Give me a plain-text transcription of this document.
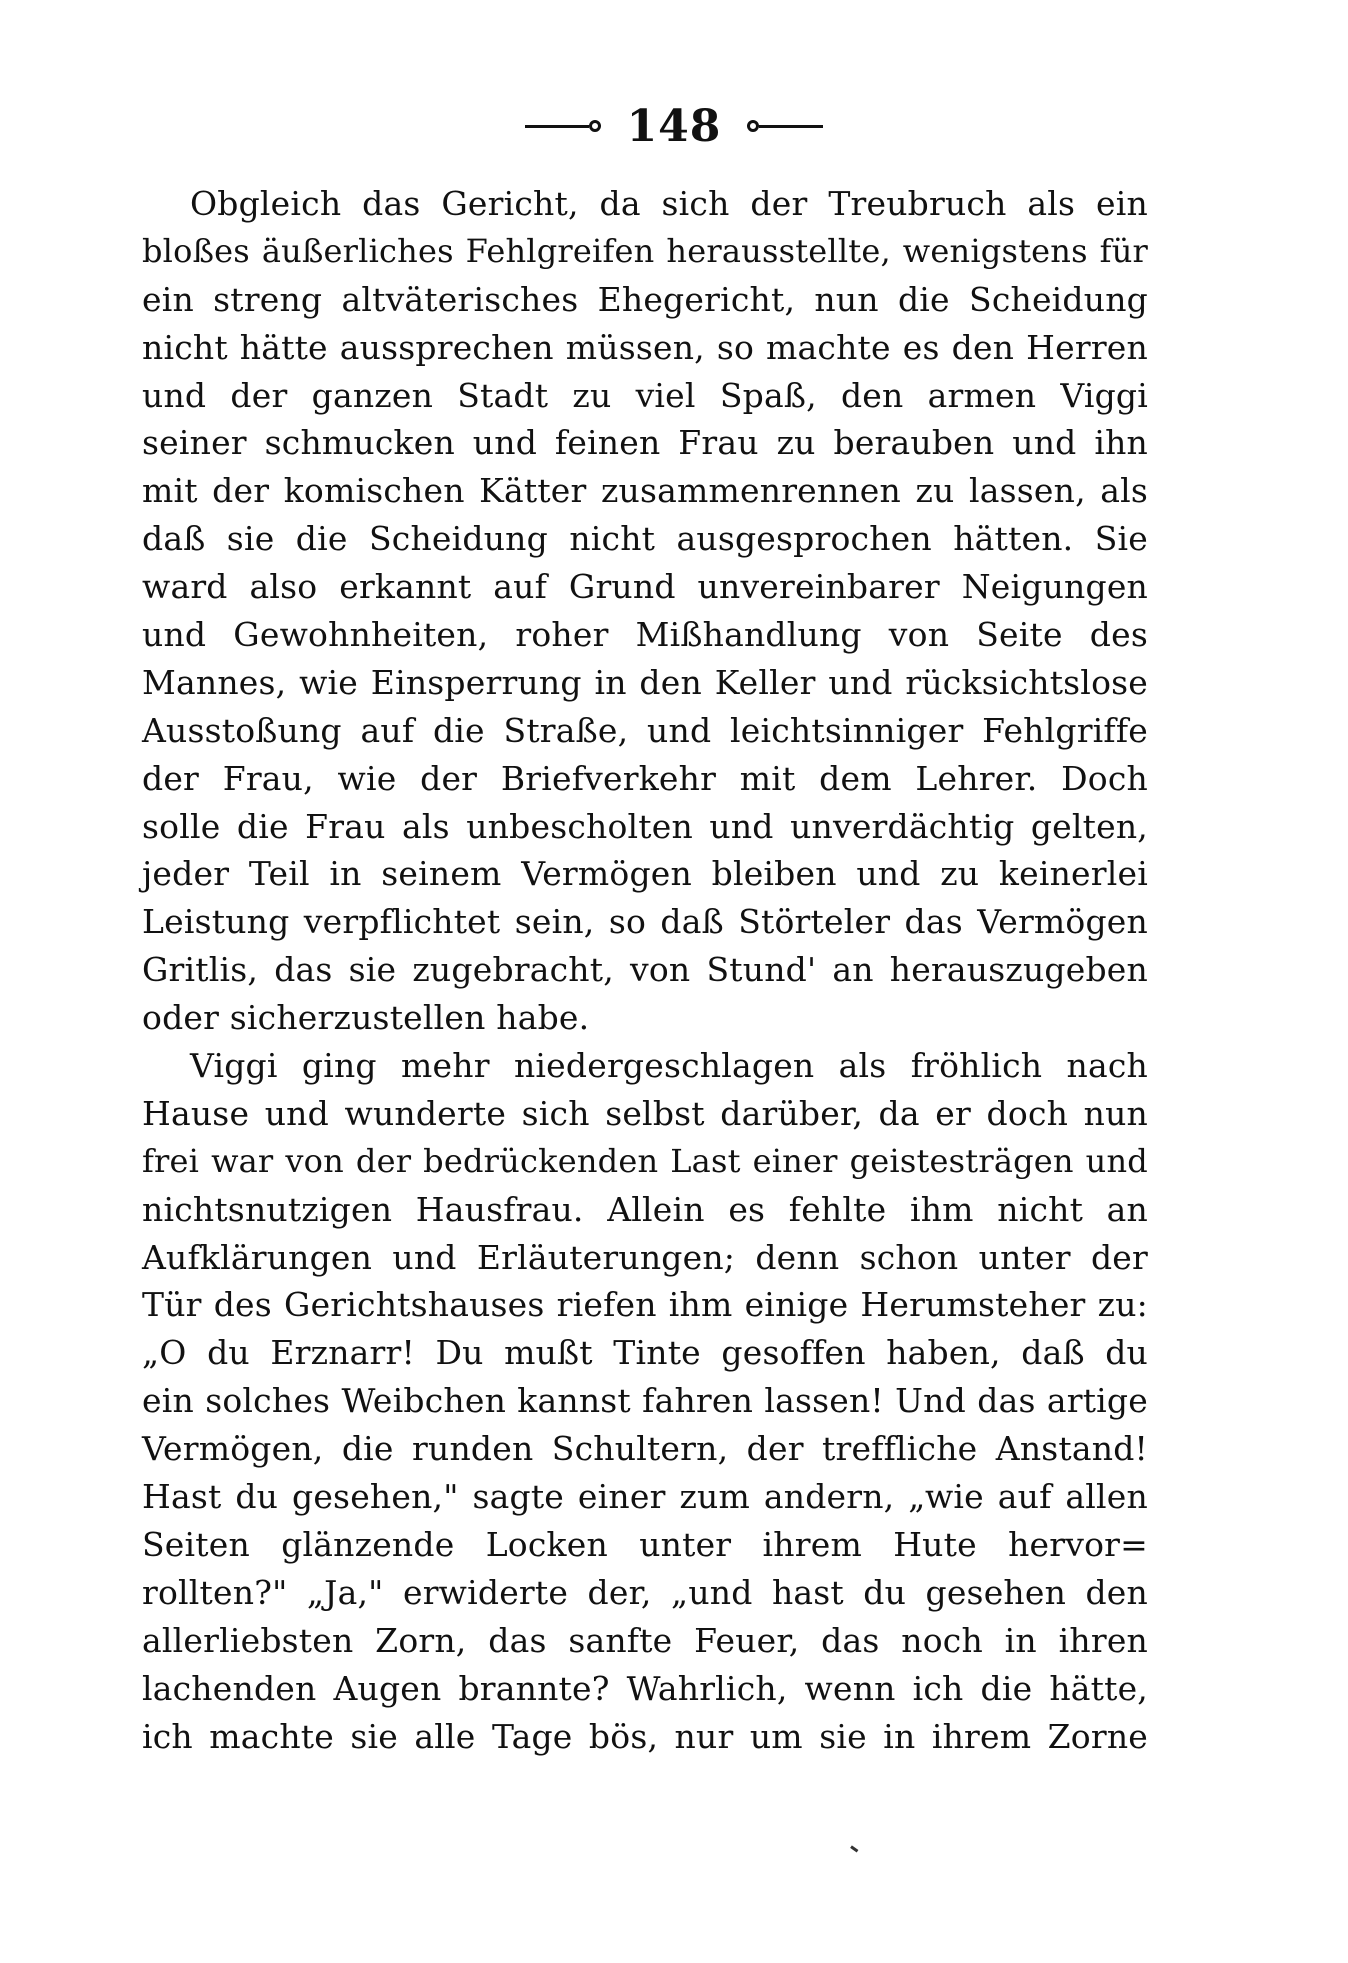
148
Obgleich das Gericht, da sich der Treubruch als ein
bloßes äußerliches Fehlgreifen herausstellte, wenigstens für
ein streng altväterisches Ehegericht, nun die Scheidung
nicht hätte aussprechen müssen, so machte es den Herren
und der ganzen Stadt zu viel Spaß, den armen Viggi
seiner schmucken und feinen Frau zu berauben und ihn
mit der komischen Kätter zusammenrennen zu lassen, als
daß sie die Scheidung nicht ausgesprochen hätten. Sie
ward also erkannt auf Grund unvereinbarer Neigungen
und Gewohnheiten, roher Mißhandlung von Seite des
Mannes, wie Einsperrung in den Keller und rücksichtslose
Ausstoßung auf die Straße, und leichtsinniger Fehlgriffe
der Frau, wie der Briefverkehr mit dem Lehrer. Doch
solle die Frau als unbescholten und unverdächtig gelten,
jeder Teil in seinem Vermögen bleiben und zu keinerlei
Leistung verpflichtet sein, so daß Störteler das Vermögen
Gritlis, das sie zugebracht, von Stund' an herauszugeben
oder sicherzustellen habe.
Viggi ging mehr niedergeschlagen als fröhlich nach
Hause und wunderte sich selbst darüber, da er doch nun
frei war von der bedrückenden Last einer geistesträgen und
nichtsnutzigen Hausfrau. Allein es fehlte ihm nicht an
Aufklärungen und Erläuterungen; denn schon unter der
Tür des Gerichtshauses riefen ihm einige Herumsteher zu:
„O du Erznarr! Du mußt Tinte gesoffen haben, daß du
ein solches Weibchen kannst fahren lassen! Und das artige
Vermögen, die runden Schultern, der treffliche Anstand!
Hast du gesehen," sagte einer zum andern, „wie auf allen
Seiten glänzende Locken unter ihrem Hute hervor=
rollten?" „Ja," erwiderte der, „und hast du gesehen den
allerliebsten Zorn, das sanfte Feuer, das noch in ihren
lachenden Augen brannte? Wahrlich, wenn ich die hätte,
ich machte sie alle Tage bös, nur um sie in ihrem Zorne
